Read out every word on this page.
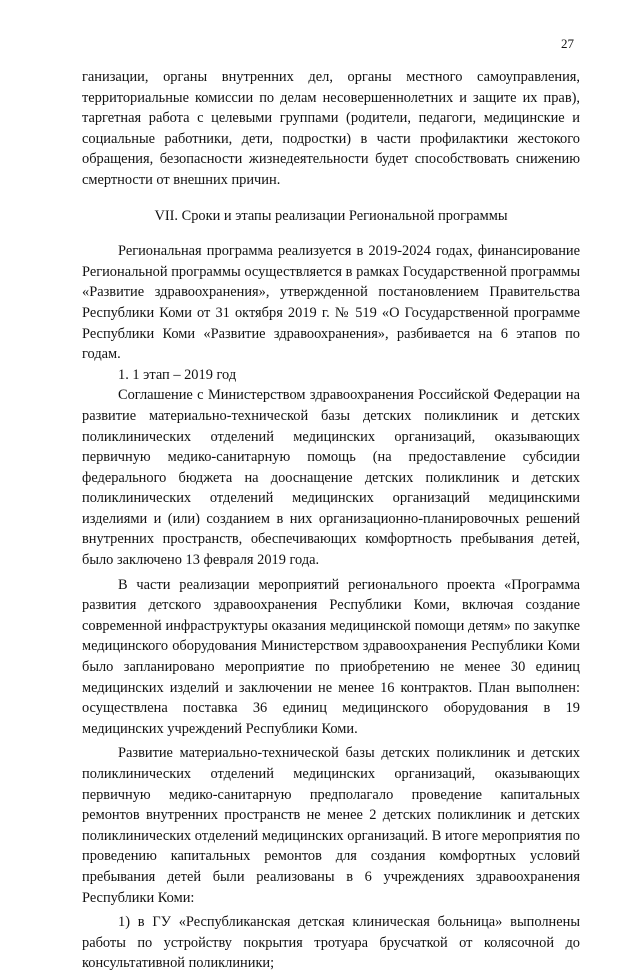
27

ганизации, органы внутренних дел, органы местного самоуправления, территориальные комиссии по делам несовершеннолетних и защите их прав), таргетная работа с целевыми группами (родители, педагоги, медицинские и социальные работники, дети, подростки) в части профилактики жестокого обращения, безопасности жизнедеятельности будет способствовать снижению смертности от внешних причин.

VII. Сроки и этапы реализации Региональной программы

Региональная программа реализуется в 2019-2024 годах, финансирование Региональной программы осуществляется в рамках Государственной программы «Развитие здравоохранения», утвержденной постановлением Правительства Республики Коми от 31 октября 2019 г. № 519 «О Государственной программе Республики Коми «Развитие здравоохранения», разбивается на 6 этапов по годам.

1. 1 этап – 2019 год

Соглашение с Министерством здравоохранения Российской Федерации на развитие материально-технической базы детских поликлиник и детских поликлинических отделений медицинских организаций, оказывающих первичную медико-санитарную помощь (на предоставление субсидии федерального бюджета на дооснащение детских поликлиник и детских поликлинических отделений медицинских организаций медицинскими изделиями и (или) созданием в них организационно-планировочных решений внутренних пространств, обеспечивающих комфортность пребывания детей, было заключено 13 февраля 2019 года.

В части реализации мероприятий регионального проекта «Программа развития детского здравоохранения Республики Коми, включая создание современной инфраструктуры оказания медицинской помощи детям» по закупке медицинского оборудования Министерством здравоохранения Республики Коми было запланировано мероприятие по приобретению не менее 30 единиц медицинских изделий и заключении не менее 16 контрактов. План выполнен: осуществлена поставка 36 единиц медицинского оборудования в 19 медицинских учреждений Республики Коми.

Развитие материально-технической базы детских поликлиник и детских поликлинических отделений медицинских организаций, оказывающих первичную медико-санитарную предполагало проведение капитальных ремонтов внутренних пространств не менее 2 детских поликлиник и детских поликлинических отделений медицинских организаций. В итоге мероприятия по проведению капитальных ремонтов для создания комфортных условий пребывания детей были реализованы в 6 учреждениях здравоохранения Республики Коми:

1) в ГУ «Республиканская детская клиническая больница» выполнены работы по устройству покрытия тротуара брусчаткой от колясочной до консультативной поликлиники;
